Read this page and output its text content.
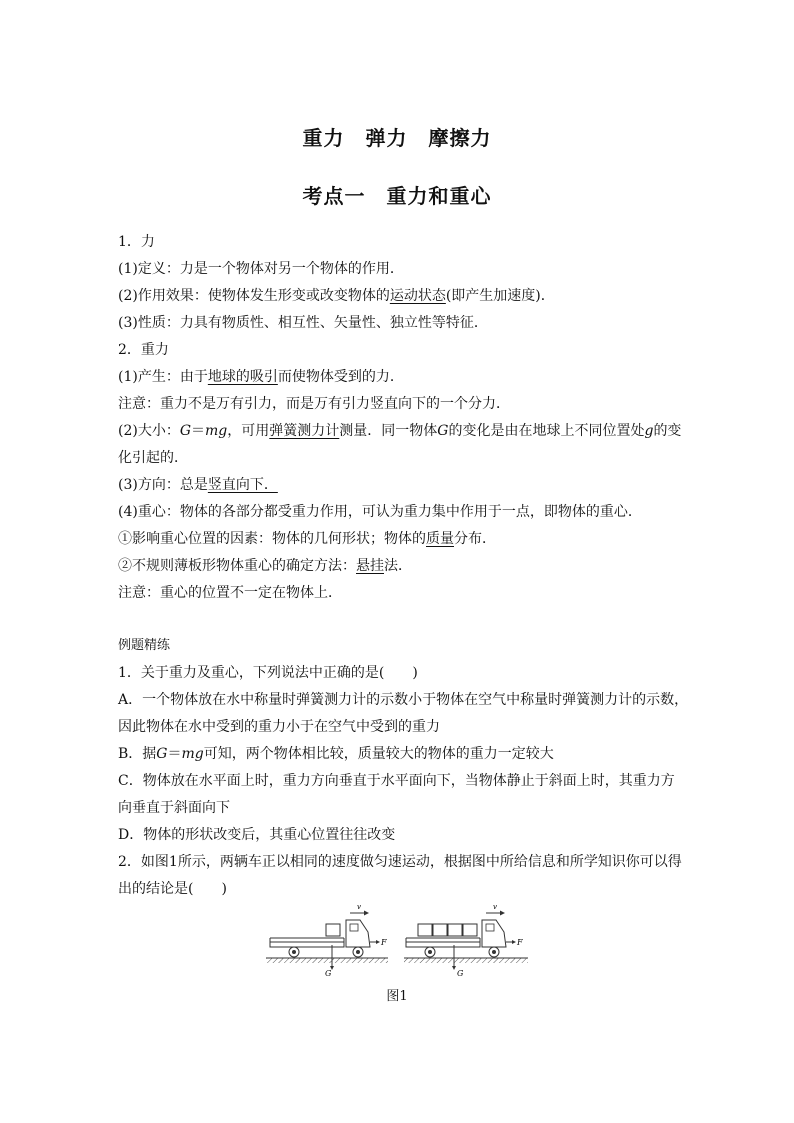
重力　弹力　摩擦力
考点一　重力和重心
1．力
(1)定义：力是一个物体对另一个物体的作用．
(2)作用效果：使物体发生形变或改变物体的运动状态(即产生加速度)．
(3)性质：力具有物质性、相互性、矢量性、独立性等特征．
2．重力
(1)产生：由于地球的吸引而使物体受到的力．
注意：重力不是万有引力，而是万有引力竖直向下的一个分力．
(2)大小：G＝mg，可用弹簧测力计测量．同一物体G的变化是由在地球上不同位置处g的变
化引起的．
(3)方向：总是竖直向下．
(4)重心：物体的各部分都受重力作用，可认为重力集中作用于一点，即物体的重心．
①影响重心位置的因素：物体的几何形状；物体的质量分布．
②不规则薄板形物体重心的确定方法：悬挂法．
注意：重心的位置不一定在物体上．
例题精练
1．关于重力及重心，下列说法中正确的是(　　)
A．一个物体放在水中称量时弹簧测力计的示数小于物体在空气中称量时弹簧测力计的示数，
因此物体在水中受到的重力小于在空气中受到的重力
B．据G＝mg可知，两个物体相比较，质量较大的物体的重力一定较大
C．物体放在水平面上时，重力方向垂直于水平面向下，当物体静止于斜面上时，其重力方
向垂直于斜面向下
D．物体的形状改变后，其重心位置往往改变
2．如图1所示，两辆车正以相同的速度做匀速运动，根据图中所给信息和所学知识你可以得
出的结论是(　　)
v
F
G
v
F
G
图1
